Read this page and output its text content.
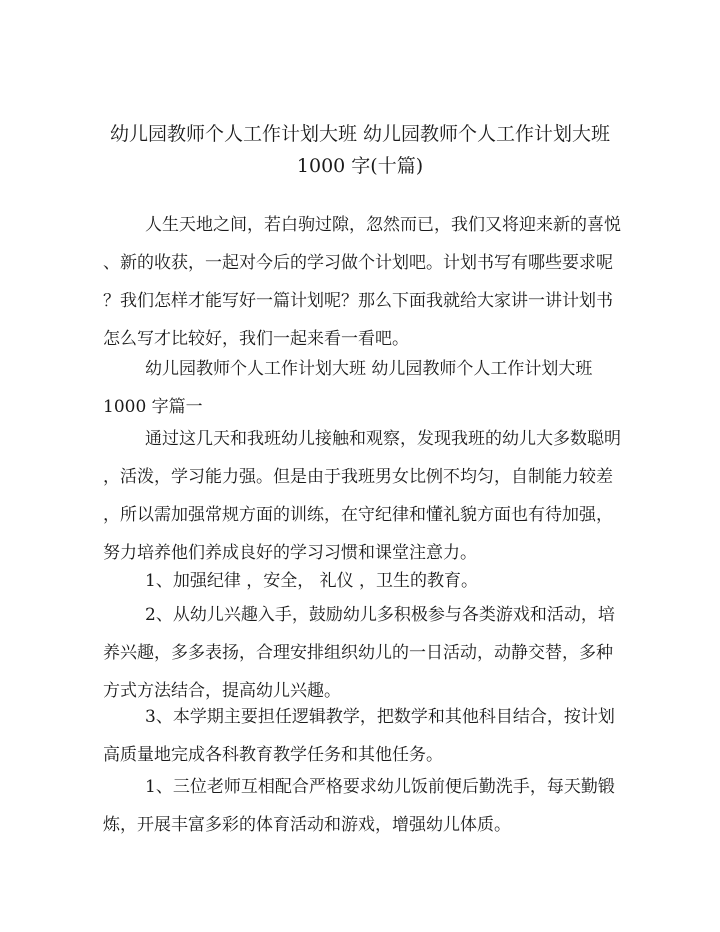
幼儿园教师个人工作计划大班 幼儿园教师个人工作计划大班
1000 字(十篇)
人生天地之间，若白驹过隙，忽然而已，我们又将迎来新的喜悦
、新的收获，一起对今后的学习做个计划吧。计划书写有哪些要求呢
？我们怎样才能写好一篇计划呢？那么下面我就给大家讲一讲计划书
怎么写才比较好，我们一起来看一看吧。
幼儿园教师个人工作计划大班 幼儿园教师个人工作计划大班
1000 字篇一
通过这几天和我班幼儿接触和观察，发现我班的幼儿大多数聪明
，活泼，学习能力强。但是由于我班男女比例不均匀，自制能力较差
，所以需加强常规方面的训练，在守纪律和懂礼貌方面也有待加强，
努力培养他们养成良好的学习习惯和课堂注意力。
1、加强纪律 ，安全， 礼仪 ，卫生的教育。
2、从幼儿兴趣入手，鼓励幼儿多积极参与各类游戏和活动，培
养兴趣，多多表扬，合理安排组织幼儿的一日活动，动静交替，多种
方式方法结合，提高幼儿兴趣。
3、本学期主要担任逻辑教学，把数学和其他科目结合，按计划
高质量地完成各科教育教学任务和其他任务。
1、三位老师互相配合严格要求幼儿饭前便后勤洗手，每天勤锻
炼，开展丰富多彩的体育活动和游戏，增强幼儿体质。
